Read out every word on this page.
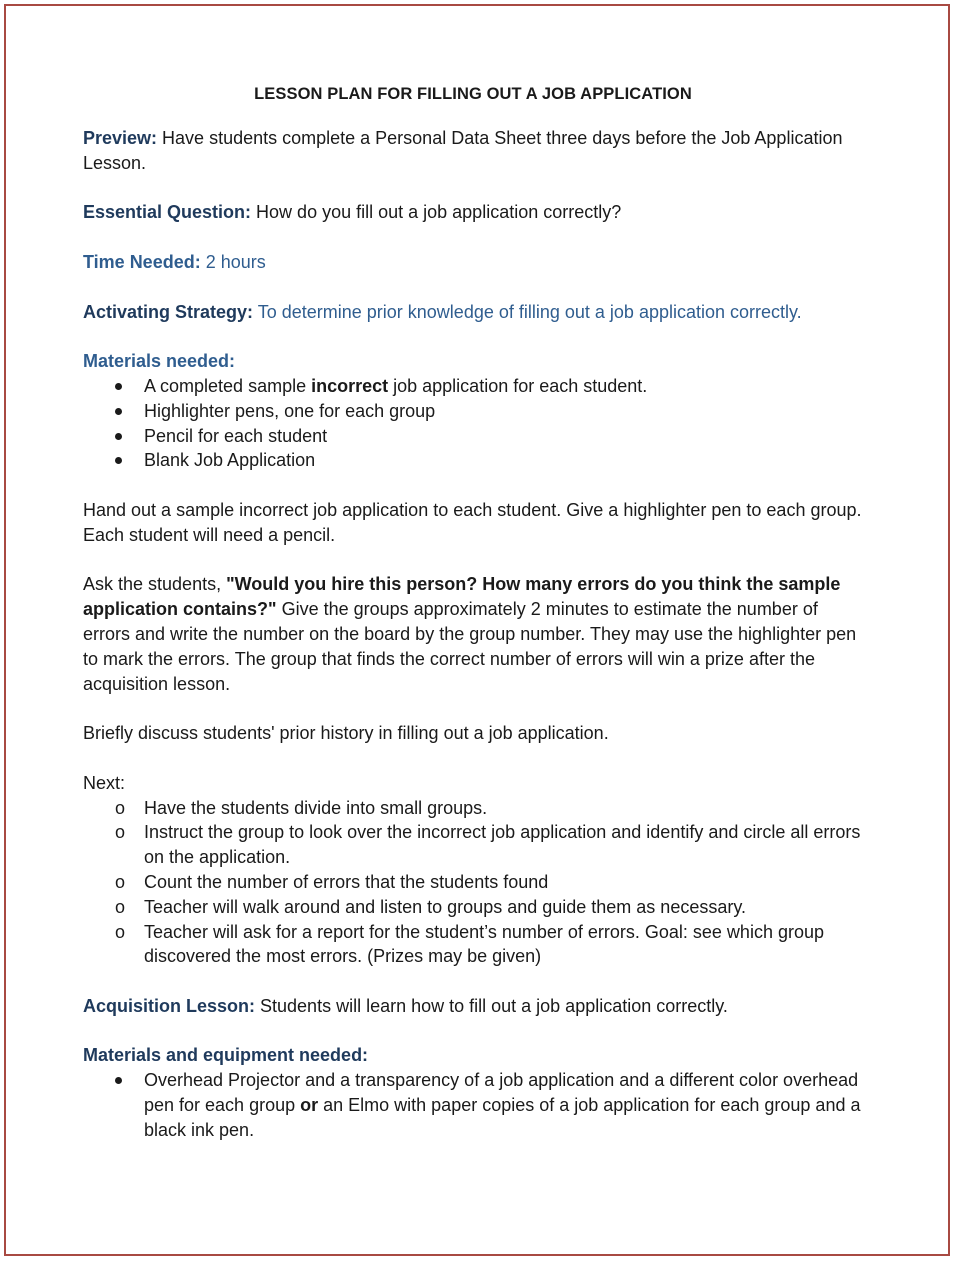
LESSON PLAN FOR FILLING OUT A JOB APPLICATION

Preview: Have students complete a Personal Data Sheet three days before the Job Application Lesson.

Essential Question: How do you fill out a job application correctly?

Time Needed: 2 hours

Activating Strategy: To determine prior knowledge of filling out a job application correctly.

Materials needed:

A completed sample incorrect job application for each student.
Highlighter pens, one for each group
Pencil for each student
Blank Job Application

Hand out a sample incorrect job application to each student. Give a highlighter pen to each group. Each student will need a pencil.

Ask the students, "Would you hire this person? How many errors do you think the sample application contains?" Give the groups approximately 2 minutes to estimate the number of errors and write the number on the board by the group number. They may use the highlighter pen to mark the errors. The group that finds the correct number of errors will win a prize after the acquisition lesson.

Briefly discuss students' prior history in filling out a job application.

Next:

o Have the students divide into small groups.
o Instruct the group to look over the incorrect job application and identify and circle all errors on the application.
o Count the number of errors that the students found
o Teacher will walk around and listen to groups and guide them as necessary.
o Teacher will ask for a report for the student’s number of errors. Goal: see which group discovered the most errors. (Prizes may be given)

Acquisition Lesson: Students will learn how to fill out a job application correctly.

Materials and equipment needed:

Overhead Projector and a transparency of a job application and a different color overhead pen for each group or an Elmo with paper copies of a job application for each group and a black ink pen.
